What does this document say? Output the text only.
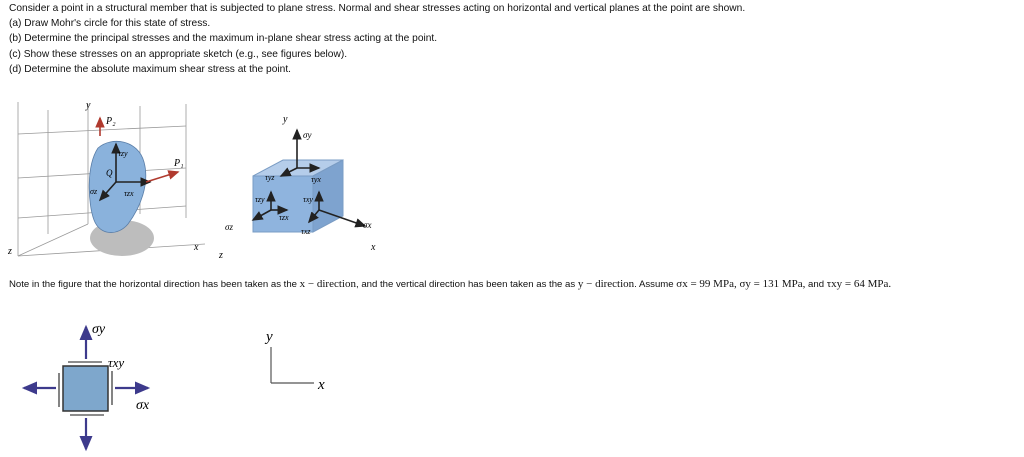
Consider a point in a structural member that is subjected to plane stress. Normal and shear stresses acting on horizontal and vertical planes at the point are shown.
(a) Draw Mohr's circle for this state of stress.
(b) Determine the principal stresses and the maximum in-plane shear stress acting at the point.
(c) Show these stresses on an appropriate sketch (e.g., see figures below).
(d) Determine the absolute maximum shear stress at the point.
y
P₂
P₁
Q
τzy
σz	τzx
x
z
y
σy
τyz	τyx
τzy	τxy
σz
τzx
τxz
σx
x
z
Note in the figure that the horizontal direction has been taken as the x − direction, and the vertical direction has been taken as the as y − direction. Assume σx = 99 MPa, σy = 131 MPa, and τxy = 64 MPa.
σy
τxy
σx
y
x
